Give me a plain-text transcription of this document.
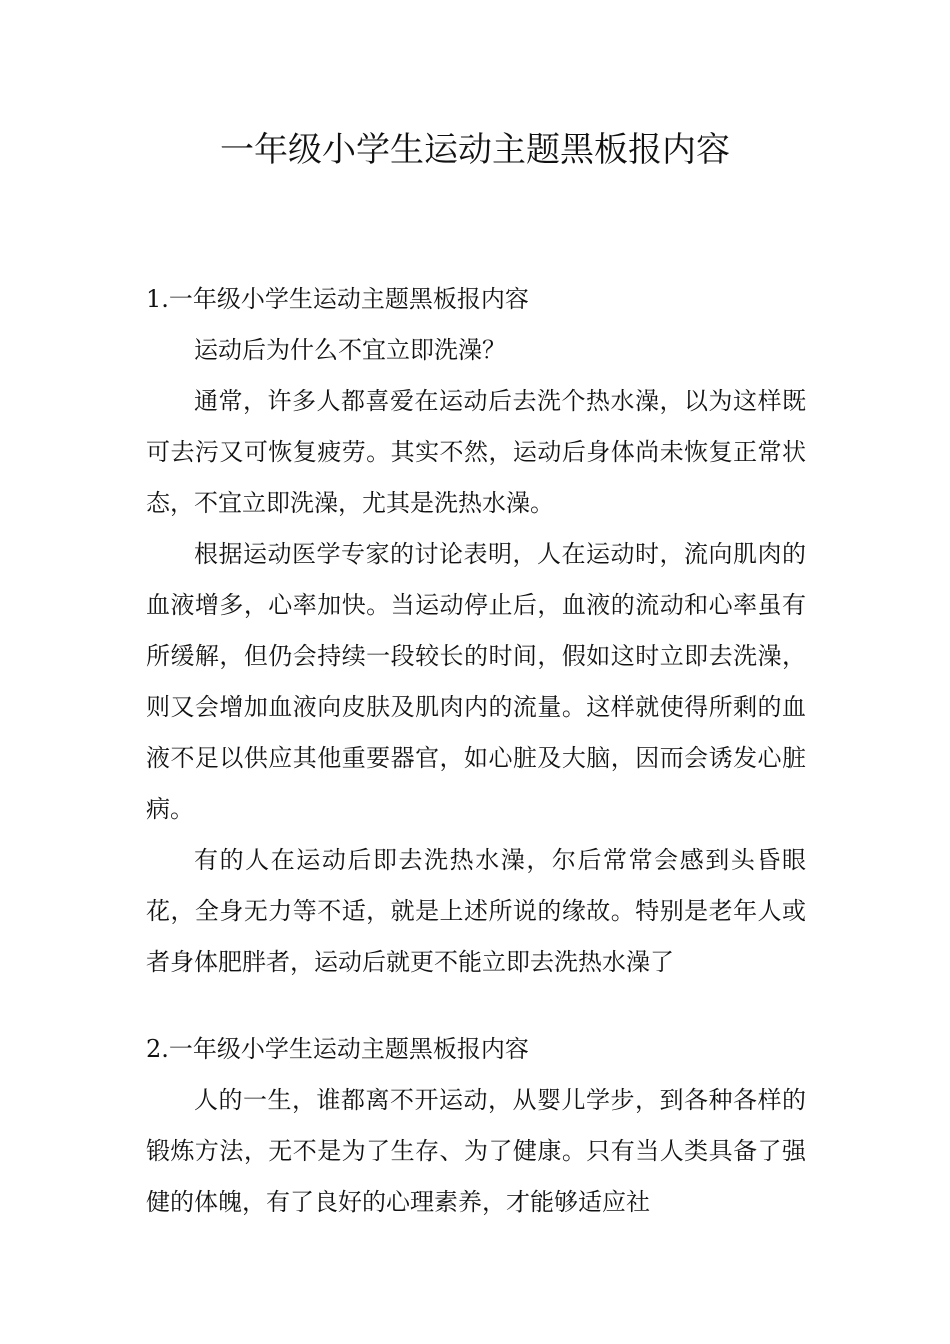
一年级小学生运动主题黑板报内容
1.一年级小学生运动主题黑板报内容

运动后为什么不宜立即洗澡？

通常，许多人都喜爱在运动后去洗个热水澡，以为这样既可去污又可恢复疲劳。其实不然，运动后身体尚未恢复正常状态，不宜立即洗澡，尤其是洗热水澡。

根据运动医学专家的讨论表明，人在运动时，流向肌肉的血液增多，心率加快。当运动停止后，血液的流动和心率虽有所缓解，但仍会持续一段较长的时间，假如这时立即去洗澡，则又会增加血液向皮肤及肌肉内的流量。这样就使得所剩的血液不足以供应其他重要器官，如心脏及大脑，因而会诱发心脏病。

有的人在运动后即去洗热水澡，尔后常常会感到头昏眼花，全身无力等不适，就是上述所说的缘故。特别是老年人或者身体肥胖者，运动后就更不能立即去洗热水澡了

2.一年级小学生运动主题黑板报内容

人的一生，谁都离不开运动，从婴儿学步，到各种各样的锻炼方法，无不是为了生存、为了健康。只有当人类具备了强健的体魄，有了良好的心理素养，才能够适应社
